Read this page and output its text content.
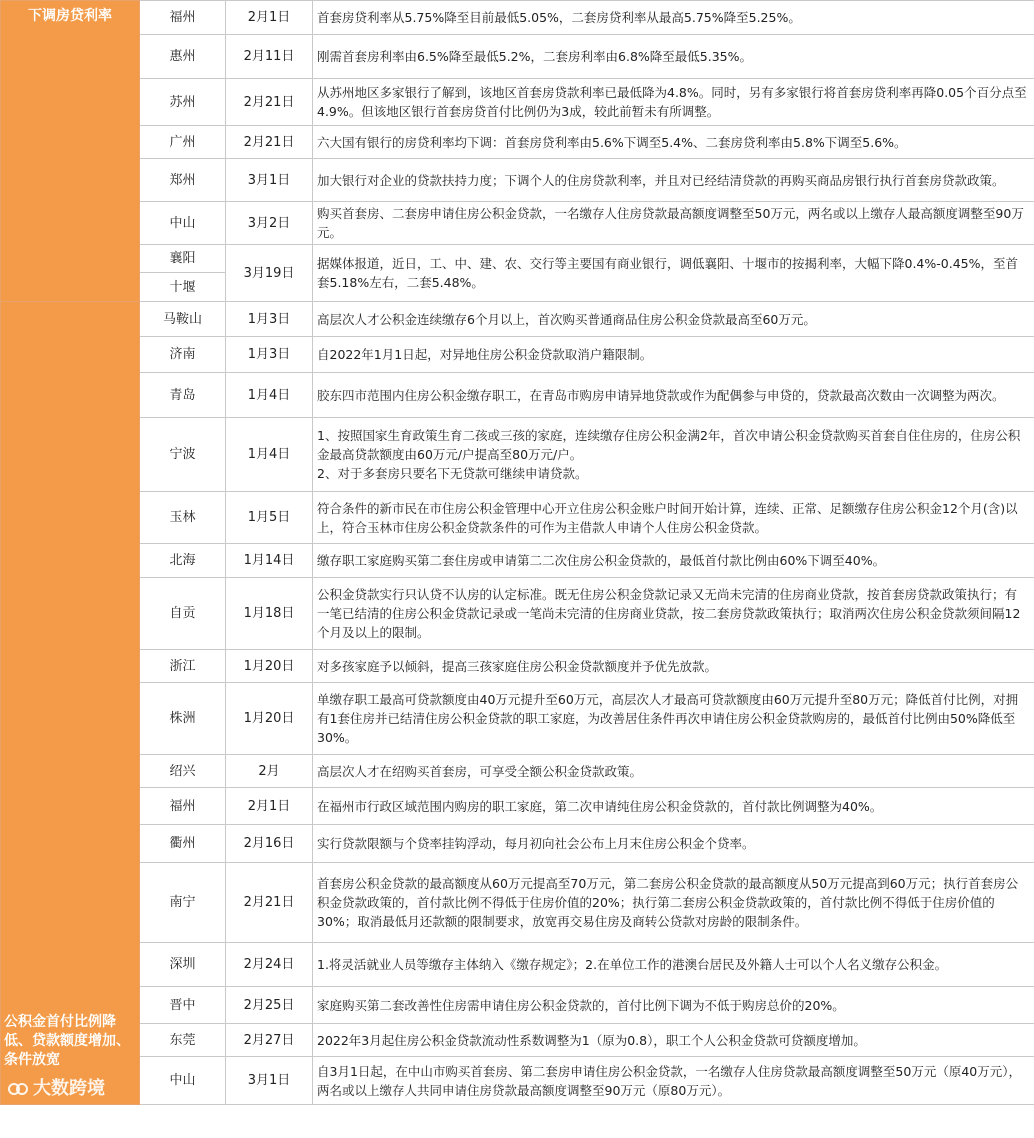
下调房贷利率	福州	2月1日	首套房贷利率从5.75%降至目前最低5.05%，二套房贷利率从最高5.75%降至5.25%。
	惠州	2月11日	刚需首套房利率由6.5%降至最低5.2%，二套房利率由6.8%降至最低5.35%。
	苏州	2月21日	从苏州地区多家银行了解到，该地区首套房贷款利率已最低降为4.8%。同时，另有多家银行将首套房贷利率再降0.05个百分点至4.9%。但该地区银行首套房贷首付比例仍为3成，较此前暂未有所调整。
	广州	2月21日	六大国有银行的房贷利率均下调：首套房贷利率由5.6%下调至5.4%、二套房贷利率由5.8%下调至5.6%。
	郑州	3月1日	加大银行对企业的贷款扶持力度；下调个人的住房贷款利率，并且对已经结清贷款的再购买商品房银行执行首套房贷款政策。
	中山	3月2日	购买首套房、二套房申请住房公积金贷款，一名缴存人住房贷款最高额度调整至50万元，两名或以上缴存人最高额度调整至90万元。
	襄阳	3月19日	据媒体报道，近日，工、中、建、农、交行等主要国有商业银行，调低襄阳、十堰市的按揭利率，大幅下降0.4%-0.45%，至首套5.18%左右，二套5.48%。
	十堰		

公积金首付比例降低、贷款额度增加、条件放宽
大数跨境	马鞍山	1月3日	高层次人才公积金连续缴存6个月以上，首次购买普通商品住房公积金贷款最高至60万元。
	济南	1月3日	自2022年1月1日起，对异地住房公积金贷款取消户籍限制。
	青岛	1月4日	胶东四市范围内住房公积金缴存职工，在青岛市购房申请异地贷款或作为配偶参与申贷的，贷款最高次数由一次调整为两次。
	宁波	1月4日	1、按照国家生育政策生育二孩或三孩的家庭，连续缴存住房公积金满2年，首次申请公积金贷款购买首套自住住房的，住房公积金最高贷款额度由60万元/户提高至80万元/户。
2、对于多套房只要名下无贷款可继续申请贷款。
	玉林	1月5日	符合条件的新市民在市住房公积金管理中心开立住房公积金账户时间开始计算，连续、正常、足额缴存住房公积金12个月(含)以上，符合玉林市住房公积金贷款条件的可作为主借款人申请个人住房公积金贷款。
	北海	1月14日	缴存职工家庭购买第二套住房或申请第二二次住房公积金贷款的，最低首付款比例由60%下调至40%。
	自贡	1月18日	公积金贷款实行只认贷不认房的认定标准。既无住房公积金贷款记录又无尚未完清的住房商业贷款，按首套房贷款政策执行；有一笔已结清的住房公积金贷款记录或一笔尚未完清的住房商业贷款，按二套房贷款政策执行；取消两次住房公积金贷款须间隔12个月及以上的限制。
	浙江	1月20日	对多孩家庭予以倾斜，提高三孩家庭住房公积金贷款额度并予优先放款。
	株洲	1月20日	单缴存职工最高可贷款额度由40万元提升至60万元，高层次人才最高可贷款额度由60万元提升至80万元；降低首付比例，对拥有1套住房并已结清住房公积金贷款的职工家庭，为改善居住条件再次申请住房公积金贷款购房的，最低首付比例由50%降低至30%。
	绍兴	2月	高层次人才在绍购买首套房，可享受全额公积金贷款政策。
	福州	2月1日	在福州市行政区域范围内购房的职工家庭，第二次申请纯住房公积金贷款的，首付款比例调整为40%。
	衢州	2月16日	实行贷款限额与个贷率挂钩浮动，每月初向社会公布上月末住房公积金个贷率。
	南宁	2月21日	首套房公积金贷款的最高额度从60万元提高至70万元，第二套房公积金贷款的最高额度从50万元提高到60万元；执行首套房公积金贷款政策的，首付款比例不得低于住房价值的20%；执行第二套房公积金贷款政策的，首付款比例不得低于住房价值的30%；取消最低月还款额的限制要求，放宽再交易住房及商转公贷款对房龄的限制条件。
	深圳	2月24日	1.将灵活就业人员等缴存主体纳入《缴存规定》；2.在单位工作的港澳台居民及外籍人士可以个人名义缴存公积金。
	晋中	2月25日	家庭购买第二套改善性住房需申请住房公积金贷款的，首付比例下调为不低于购房总价的20%。
	东莞	2月27日	2022年3月起住房公积金贷款流动性系数调整为1（原为0.8），职工个人公积金贷款可贷额度增加。
	中山	3月1日	自3月1日起，在中山市购买首套房、第二套房申请住房公积金贷款，一名缴存人住房贷款最高额度调整至50万元（原40万元），两名或以上缴存人共同申请住房贷款最高额度调整至90万元（原80万元）。
